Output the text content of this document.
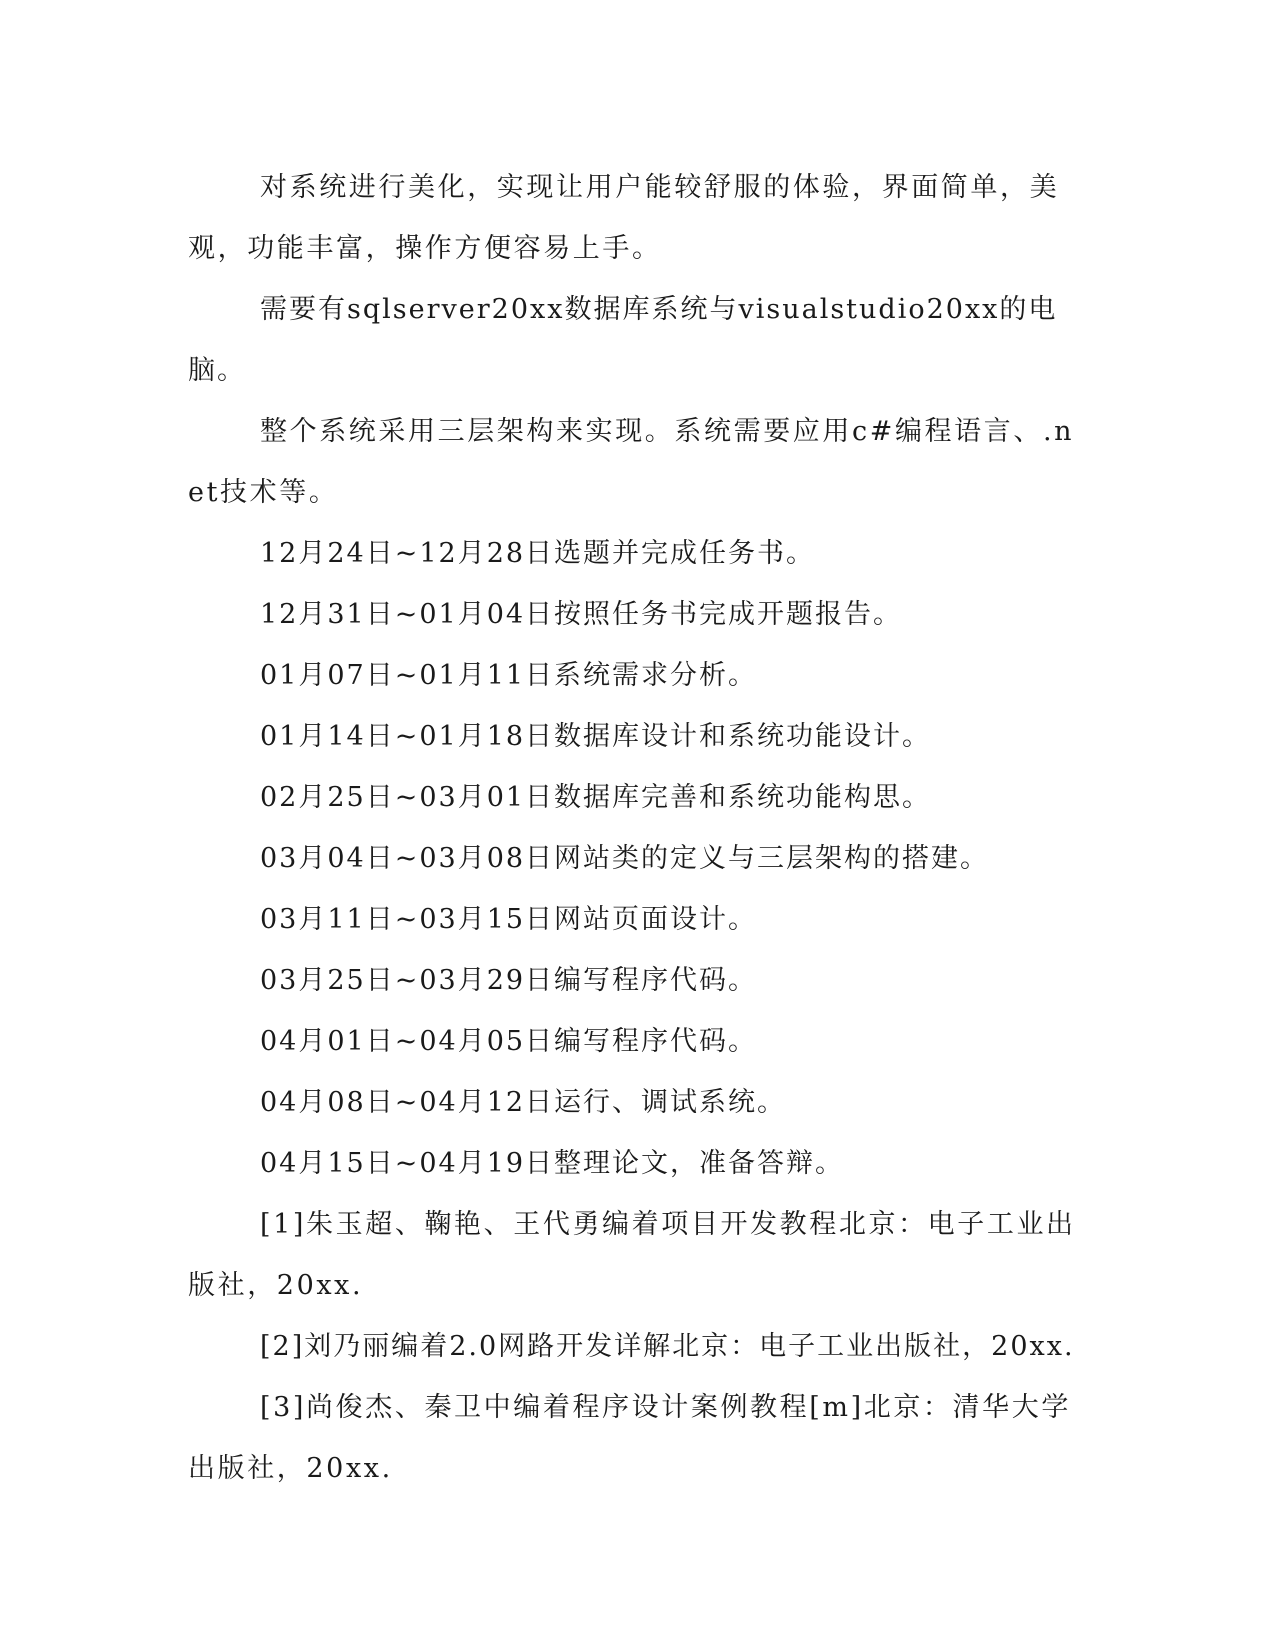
对系统进行美化，实现让用户能较舒服的体验，界面简单，美观，功能丰富，操作方便容易上手。

需要有sqlserver20xx数据库系统与visualstudio20xx的电脑。

整个系统采用三层架构来实现。系统需要应用c#编程语言、.net技术等。

12月24日~12月28日选题并完成任务书。

12月31日~01月04日按照任务书完成开题报告。

01月07日~01月11日系统需求分析。

01月14日~01月18日数据库设计和系统功能设计。

02月25日~03月01日数据库完善和系统功能构思。

03月04日~03月08日网站类的定义与三层架构的搭建。

03月11日~03月15日网站页面设计。

03月25日~03月29日编写程序代码。

04月01日~04月05日编写程序代码。

04月08日~04月12日运行、调试系统。

04月15日~04月19日整理论文，准备答辩。

[1]朱玉超、鞠艳、王代勇编着项目开发教程北京：电子工业出版社，20xx.

[2]刘乃丽编着2.0网路开发详解北京：电子工业出版社，20xx.

[3]尚俊杰、秦卫中编着程序设计案例教程[m]北京：清华大学出版社，20xx.
